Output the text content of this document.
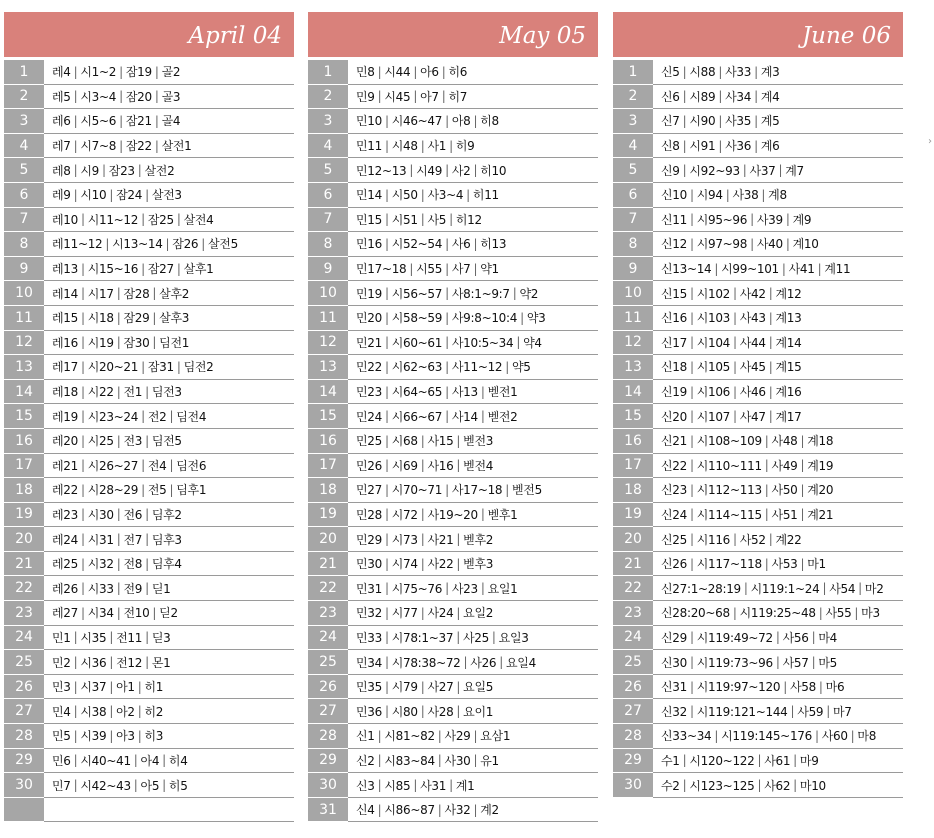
April 04
1	레4 | 시1~2 | 잠19 | 골2
2	레5 | 시3~4 | 잠20 | 골3
3	레6 | 시5~6 | 잠21 | 골4
4	레7 | 시7~8 | 잠22 | 살전1
5	레8 | 시9 | 잠23 | 살전2
6	레9 | 시10 | 잠24 | 살전3
7	레10 | 시11~12 | 잠25 | 살전4
8	레11~12 | 시13~14 | 잠26 | 살전5
9	레13 | 시15~16 | 잠27 | 살후1
10	레14 | 시17 | 잠28 | 살후2
11	레15 | 시18 | 잠29 | 살후3
12	레16 | 시19 | 잠30 | 딤전1
13	레17 | 시20~21 | 잠31 | 딤전2
14	레18 | 시22 | 전1 | 딤전3
15	레19 | 시23~24 | 전2 | 딤전4
16	레20 | 시25 | 전3 | 딤전5
17	레21 | 시26~27 | 전4 | 딤전6
18	레22 | 시28~29 | 전5 | 딤후1
19	레23 | 시30 | 전6 | 딤후2
20	레24 | 시31 | 전7 | 딤후3
21	레25 | 시32 | 전8 | 딤후4
22	레26 | 시33 | 전9 | 딛1
23	레27 | 시34 | 전10 | 딛2
24	민1 | 시35 | 전11 | 딛3
25	민2 | 시36 | 전12 | 몬1
26	민3 | 시37 | 아1 | 히1
27	민4 | 시38 | 아2 | 히2
28	민5 | 시39 | 아3 | 히3
29	민6 | 시40~41 | 아4 | 히4
30	민7 | 시42~43 | 아5 | 히5
May 05
1	민8 | 시44 | 아6 | 히6
2	민9 | 시45 | 아7 | 히7
3	민10 | 시46~47 | 아8 | 히8
4	민11 | 시48 | 사1 | 히9
5	민12~13 | 시49 | 사2 | 히10
6	민14 | 시50 | 사3~4 | 히11
7	민15 | 시51 | 사5 | 히12
8	민16 | 시52~54 | 사6 | 히13
9	민17~18 | 시55 | 사7 | 약1
10	민19 | 시56~57 | 사8:1~9:7 | 약2
11	민20 | 시58~59 | 사9:8~10:4 | 약3
12	민21 | 시60~61 | 사10:5~34 | 약4
13	민22 | 시62~63 | 사11~12 | 약5
14	민23 | 시64~65 | 사13 | 벧전1
15	민24 | 시66~67 | 사14 | 벧전2
16	민25 | 시68 | 사15 | 벧전3
17	민26 | 시69 | 사16 | 벧전4
18	민27 | 시70~71 | 사17~18 | 벧전5
19	민28 | 시72 | 사19~20 | 벧후1
20	민29 | 시73 | 사21 | 벧후2
21	민30 | 시74 | 사22 | 벧후3
22	민31 | 시75~76 | 사23 | 요일1
23	민32 | 시77 | 사24 | 요일2
24	민33 | 시78:1~37 | 사25 | 요일3
25	민34 | 시78:38~72 | 사26 | 요일4
26	민35 | 시79 | 사27 | 요일5
27	민36 | 시80 | 사28 | 요이1
28	신1 | 시81~82 | 사29 | 요삼1
29	신2 | 시83~84 | 사30 | 유1
30	신3 | 시85 | 사31 | 계1
31	신4 | 시86~87 | 사32 | 계2
June 06
1	신5 | 시88 | 사33 | 계3
2	신6 | 시89 | 사34 | 계4
3	신7 | 시90 | 사35 | 계5
4	신8 | 시91 | 사36 | 계6
5	신9 | 시92~93 | 사37 | 계7
6	신10 | 시94 | 사38 | 계8
7	신11 | 시95~96 | 사39 | 계9
8	신12 | 시97~98 | 사40 | 계10
9	신13~14 | 시99~101 | 사41 | 계11
10	신15 | 시102 | 사42 | 계12
11	신16 | 시103 | 사43 | 계13
12	신17 | 시104 | 사44 | 계14
13	신18 | 시105 | 사45 | 계15
14	신19 | 시106 | 사46 | 계16
15	신20 | 시107 | 사47 | 계17
16	신21 | 시108~109 | 사48 | 계18
17	신22 | 시110~111 | 사49 | 계19
18	신23 | 시112~113 | 사50 | 계20
19	신24 | 시114~115 | 사51 | 계21
20	신25 | 시116 | 사52 | 계22
21	신26 | 시117~118 | 사53 | 마1
22	신27:1~28:19 | 시119:1~24 | 사54 | 마2
23	신28:20~68 | 시119:25~48 | 사55 | 마3
24	신29 | 시119:49~72 | 사56 | 마4
25	신30 | 시119:73~96 | 사57 | 마5
26	신31 | 시119:97~120 | 사58 | 마6
27	신32 | 시119:121~144 | 사59 | 마7
28	신33~34 | 시119:145~176 | 사60 | 마8
29	수1 | 시120~122 | 사61 | 마9
30	수2 | 시123~125 | 사62 | 마10
›
